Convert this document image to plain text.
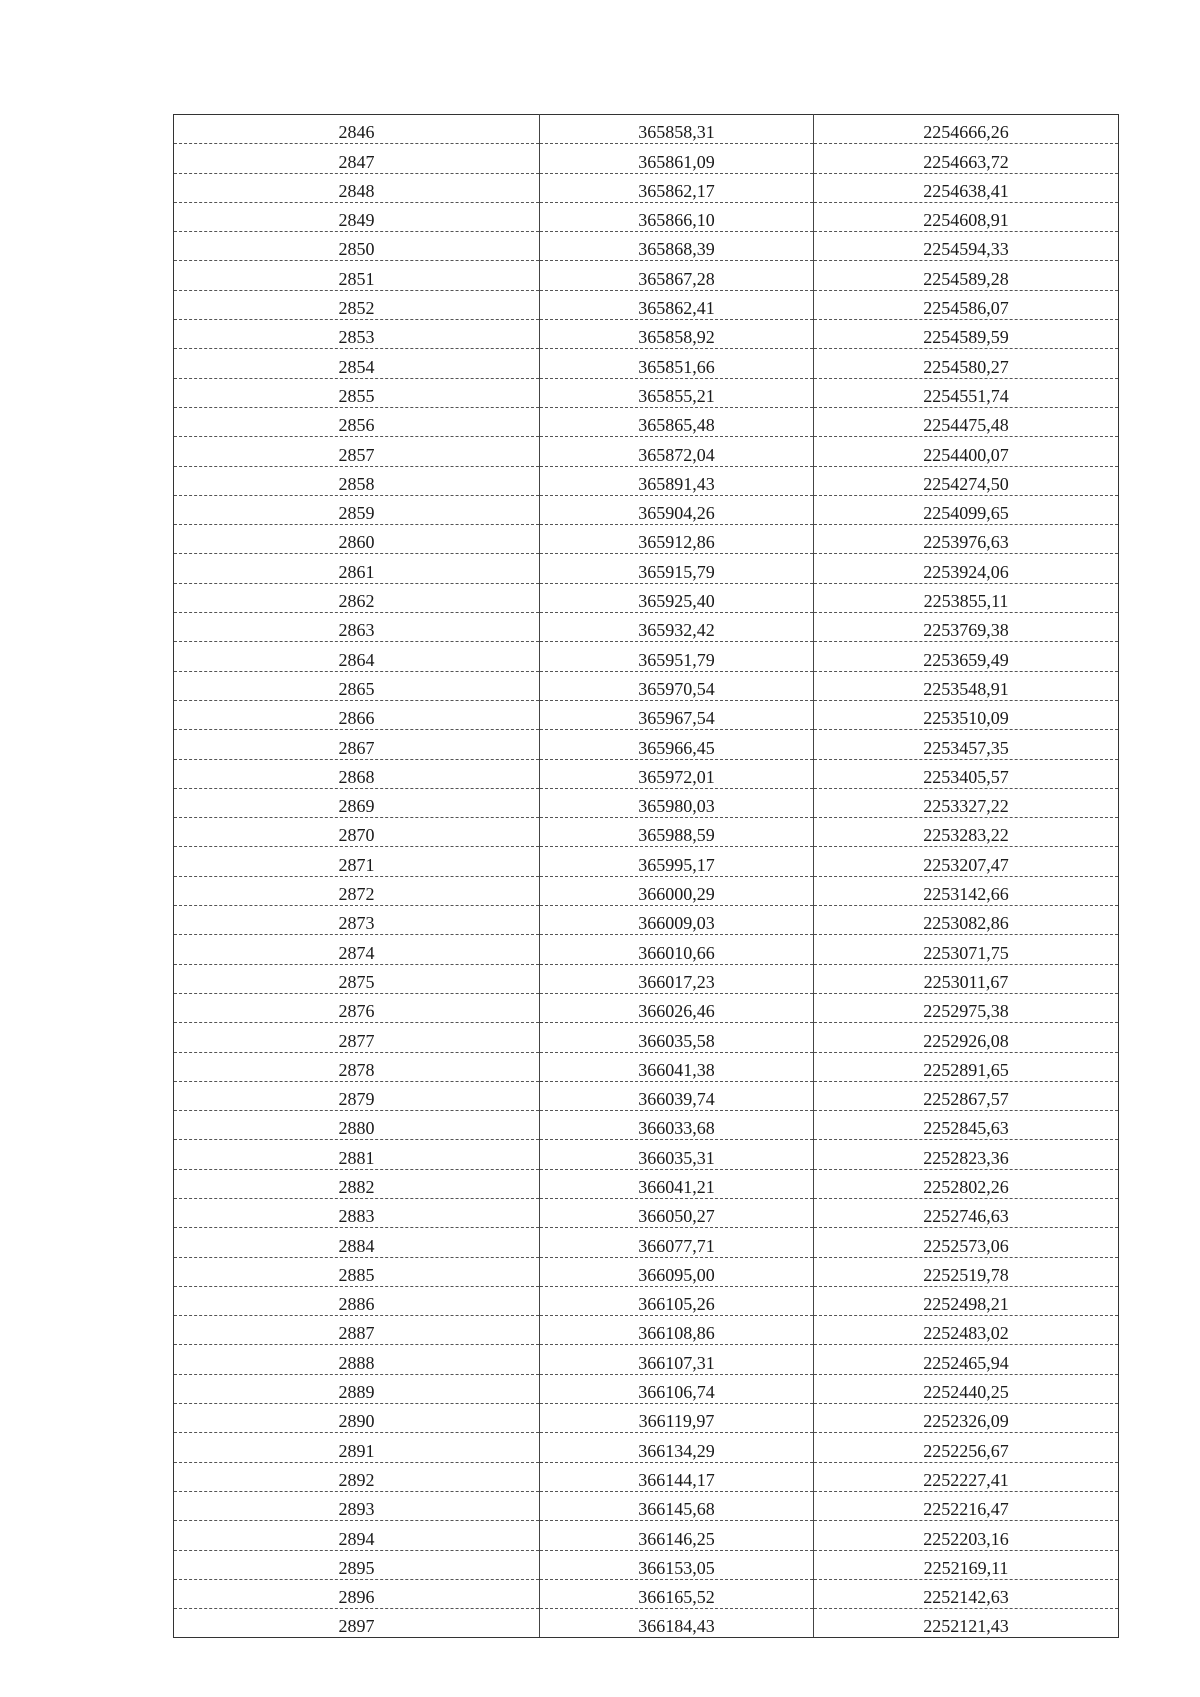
2846	365858,31	2254666,26
2847	365861,09	2254663,72
2848	365862,17	2254638,41
2849	365866,10	2254608,91
2850	365868,39	2254594,33
2851	365867,28	2254589,28
2852	365862,41	2254586,07
2853	365858,92	2254589,59
2854	365851,66	2254580,27
2855	365855,21	2254551,74
2856	365865,48	2254475,48
2857	365872,04	2254400,07
2858	365891,43	2254274,50
2859	365904,26	2254099,65
2860	365912,86	2253976,63
2861	365915,79	2253924,06
2862	365925,40	2253855,11
2863	365932,42	2253769,38
2864	365951,79	2253659,49
2865	365970,54	2253548,91
2866	365967,54	2253510,09
2867	365966,45	2253457,35
2868	365972,01	2253405,57
2869	365980,03	2253327,22
2870	365988,59	2253283,22
2871	365995,17	2253207,47
2872	366000,29	2253142,66
2873	366009,03	2253082,86
2874	366010,66	2253071,75
2875	366017,23	2253011,67
2876	366026,46	2252975,38
2877	366035,58	2252926,08
2878	366041,38	2252891,65
2879	366039,74	2252867,57
2880	366033,68	2252845,63
2881	366035,31	2252823,36
2882	366041,21	2252802,26
2883	366050,27	2252746,63
2884	366077,71	2252573,06
2885	366095,00	2252519,78
2886	366105,26	2252498,21
2887	366108,86	2252483,02
2888	366107,31	2252465,94
2889	366106,74	2252440,25
2890	366119,97	2252326,09
2891	366134,29	2252256,67
2892	366144,17	2252227,41
2893	366145,68	2252216,47
2894	366146,25	2252203,16
2895	366153,05	2252169,11
2896	366165,52	2252142,63
2897	366184,43	2252121,43
